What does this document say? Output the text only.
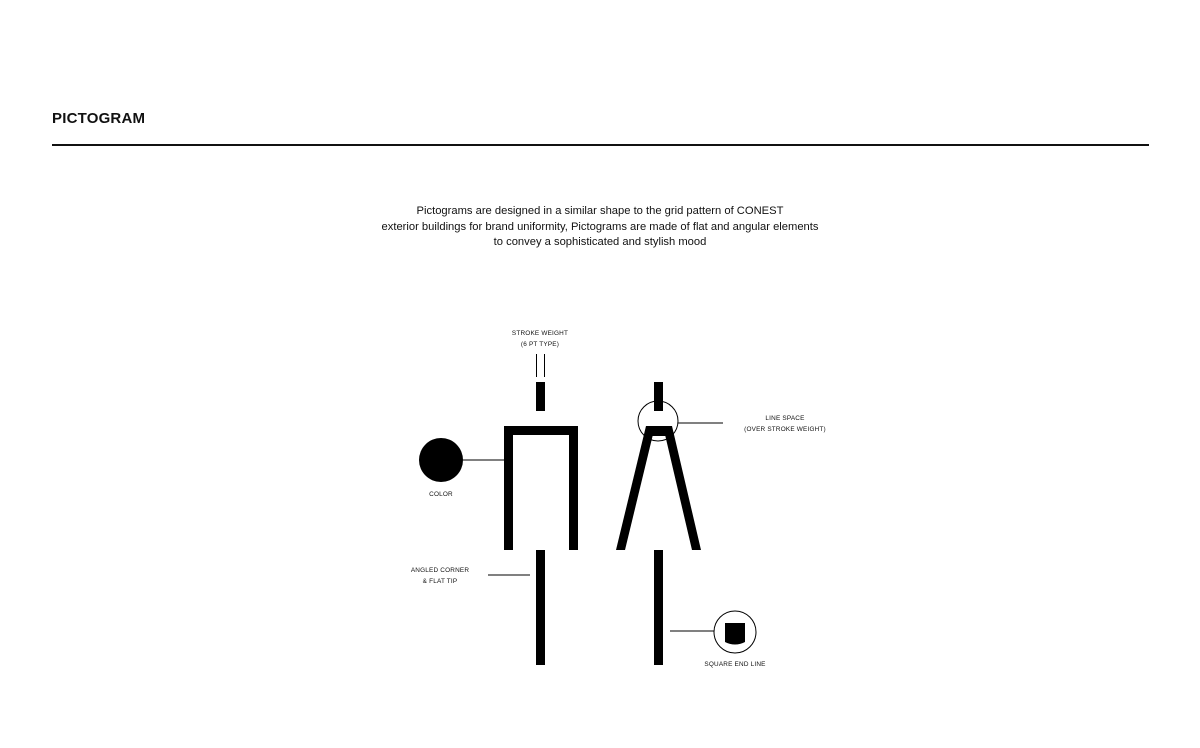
PICTOGRAM
Pictograms are designed in a similar shape to the grid pattern of CONEST
exterior buildings for brand uniformity, Pictograms are made of flat and angular elements
to convey a sophisticated and stylish mood
STROKE WEIGHT
(6 PT TYPE)
COLOR
LINE SPACE
(OVER STROKE WEIGHT)
ANGLED CORNER
& FLAT TIP
SQUARE END LINE
